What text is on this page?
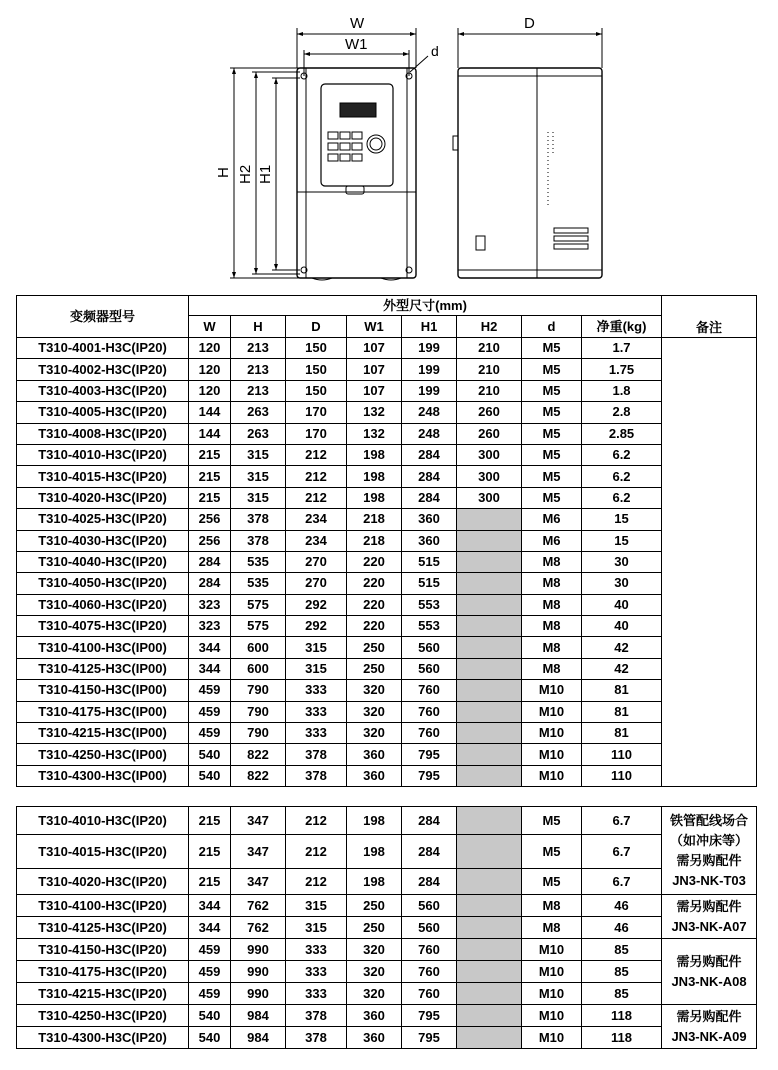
W
W1	d
D
H H2 H1
变频器型号	外型尺寸(mm)								备注
	W	H	D	W1	H1	H2	d	净重(kg)	
T310-4001-H3C(IP20)	120	213	150	107	199	210	M5	1.7	
T310-4002-H3C(IP20)	120	213	150	107	199	210	M5	1.75	
T310-4003-H3C(IP20)	120	213	150	107	199	210	M5	1.8	
T310-4005-H3C(IP20)	144	263	170	132	248	260	M5	2.8	
T310-4008-H3C(IP20)	144	263	170	132	248	260	M5	2.85	
T310-4010-H3C(IP20)	215	315	212	198	284	300	M5	6.2	
T310-4015-H3C(IP20)	215	315	212	198	284	300	M5	6.2	
T310-4020-H3C(IP20)	215	315	212	198	284	300	M5	6.2	
T310-4025-H3C(IP20)	256	378	234	218	360		M6	15	
T310-4030-H3C(IP20)	256	378	234	218	360		M6	15	
T310-4040-H3C(IP20)	284	535	270	220	515		M8	30	
T310-4050-H3C(IP20)	284	535	270	220	515		M8	30	
T310-4060-H3C(IP20)	323	575	292	220	553		M8	40	
T310-4075-H3C(IP20)	323	575	292	220	553		M8	40	
T310-4100-H3C(IP00)	344	600	315	250	560		M8	42	
T310-4125-H3C(IP00)	344	600	315	250	560		M8	42	
T310-4150-H3C(IP00)	459	790	333	320	760		M10	81	
T310-4175-H3C(IP00)	459	790	333	320	760		M10	81	
T310-4215-H3C(IP00)	459	790	333	320	760		M10	81	
T310-4250-H3C(IP00)	540	822	378	360	795		M10	110	
T310-4300-H3C(IP00)	540	822	378	360	795		M10	110	

T310-4010-H3C(IP20)	215	347	212	198	284		M5	6.7	铁管配线场合
（如冲床等）
需另购配件
JN3-NK-T03

T310-4015-H3C(IP20)	215	347	212	198	284		M5	6.7	
T310-4020-H3C(IP20)	215	347	212	198	284		M5	6.7	
T310-4100-H3C(IP20)	344	762	315	250	560		M8	46	需另购配件
JN3-NK-A07

T310-4125-H3C(IP20)	344	762	315	250	560		M8	46	
T310-4150-H3C(IP20)	459	990	333	320	760		M10	85	需另购配件
JN3-NK-A08

T310-4175-H3C(IP20)	459	990	333	320	760		M10	85	
T310-4215-H3C(IP20)	459	990	333	320	760		M10	85	
T310-4250-H3C(IP20)	540	984	378	360	795		M10	118	需另购配件
JN3-NK-A09

T310-4300-H3C(IP20)	540	984	378	360	795		M10	118	
